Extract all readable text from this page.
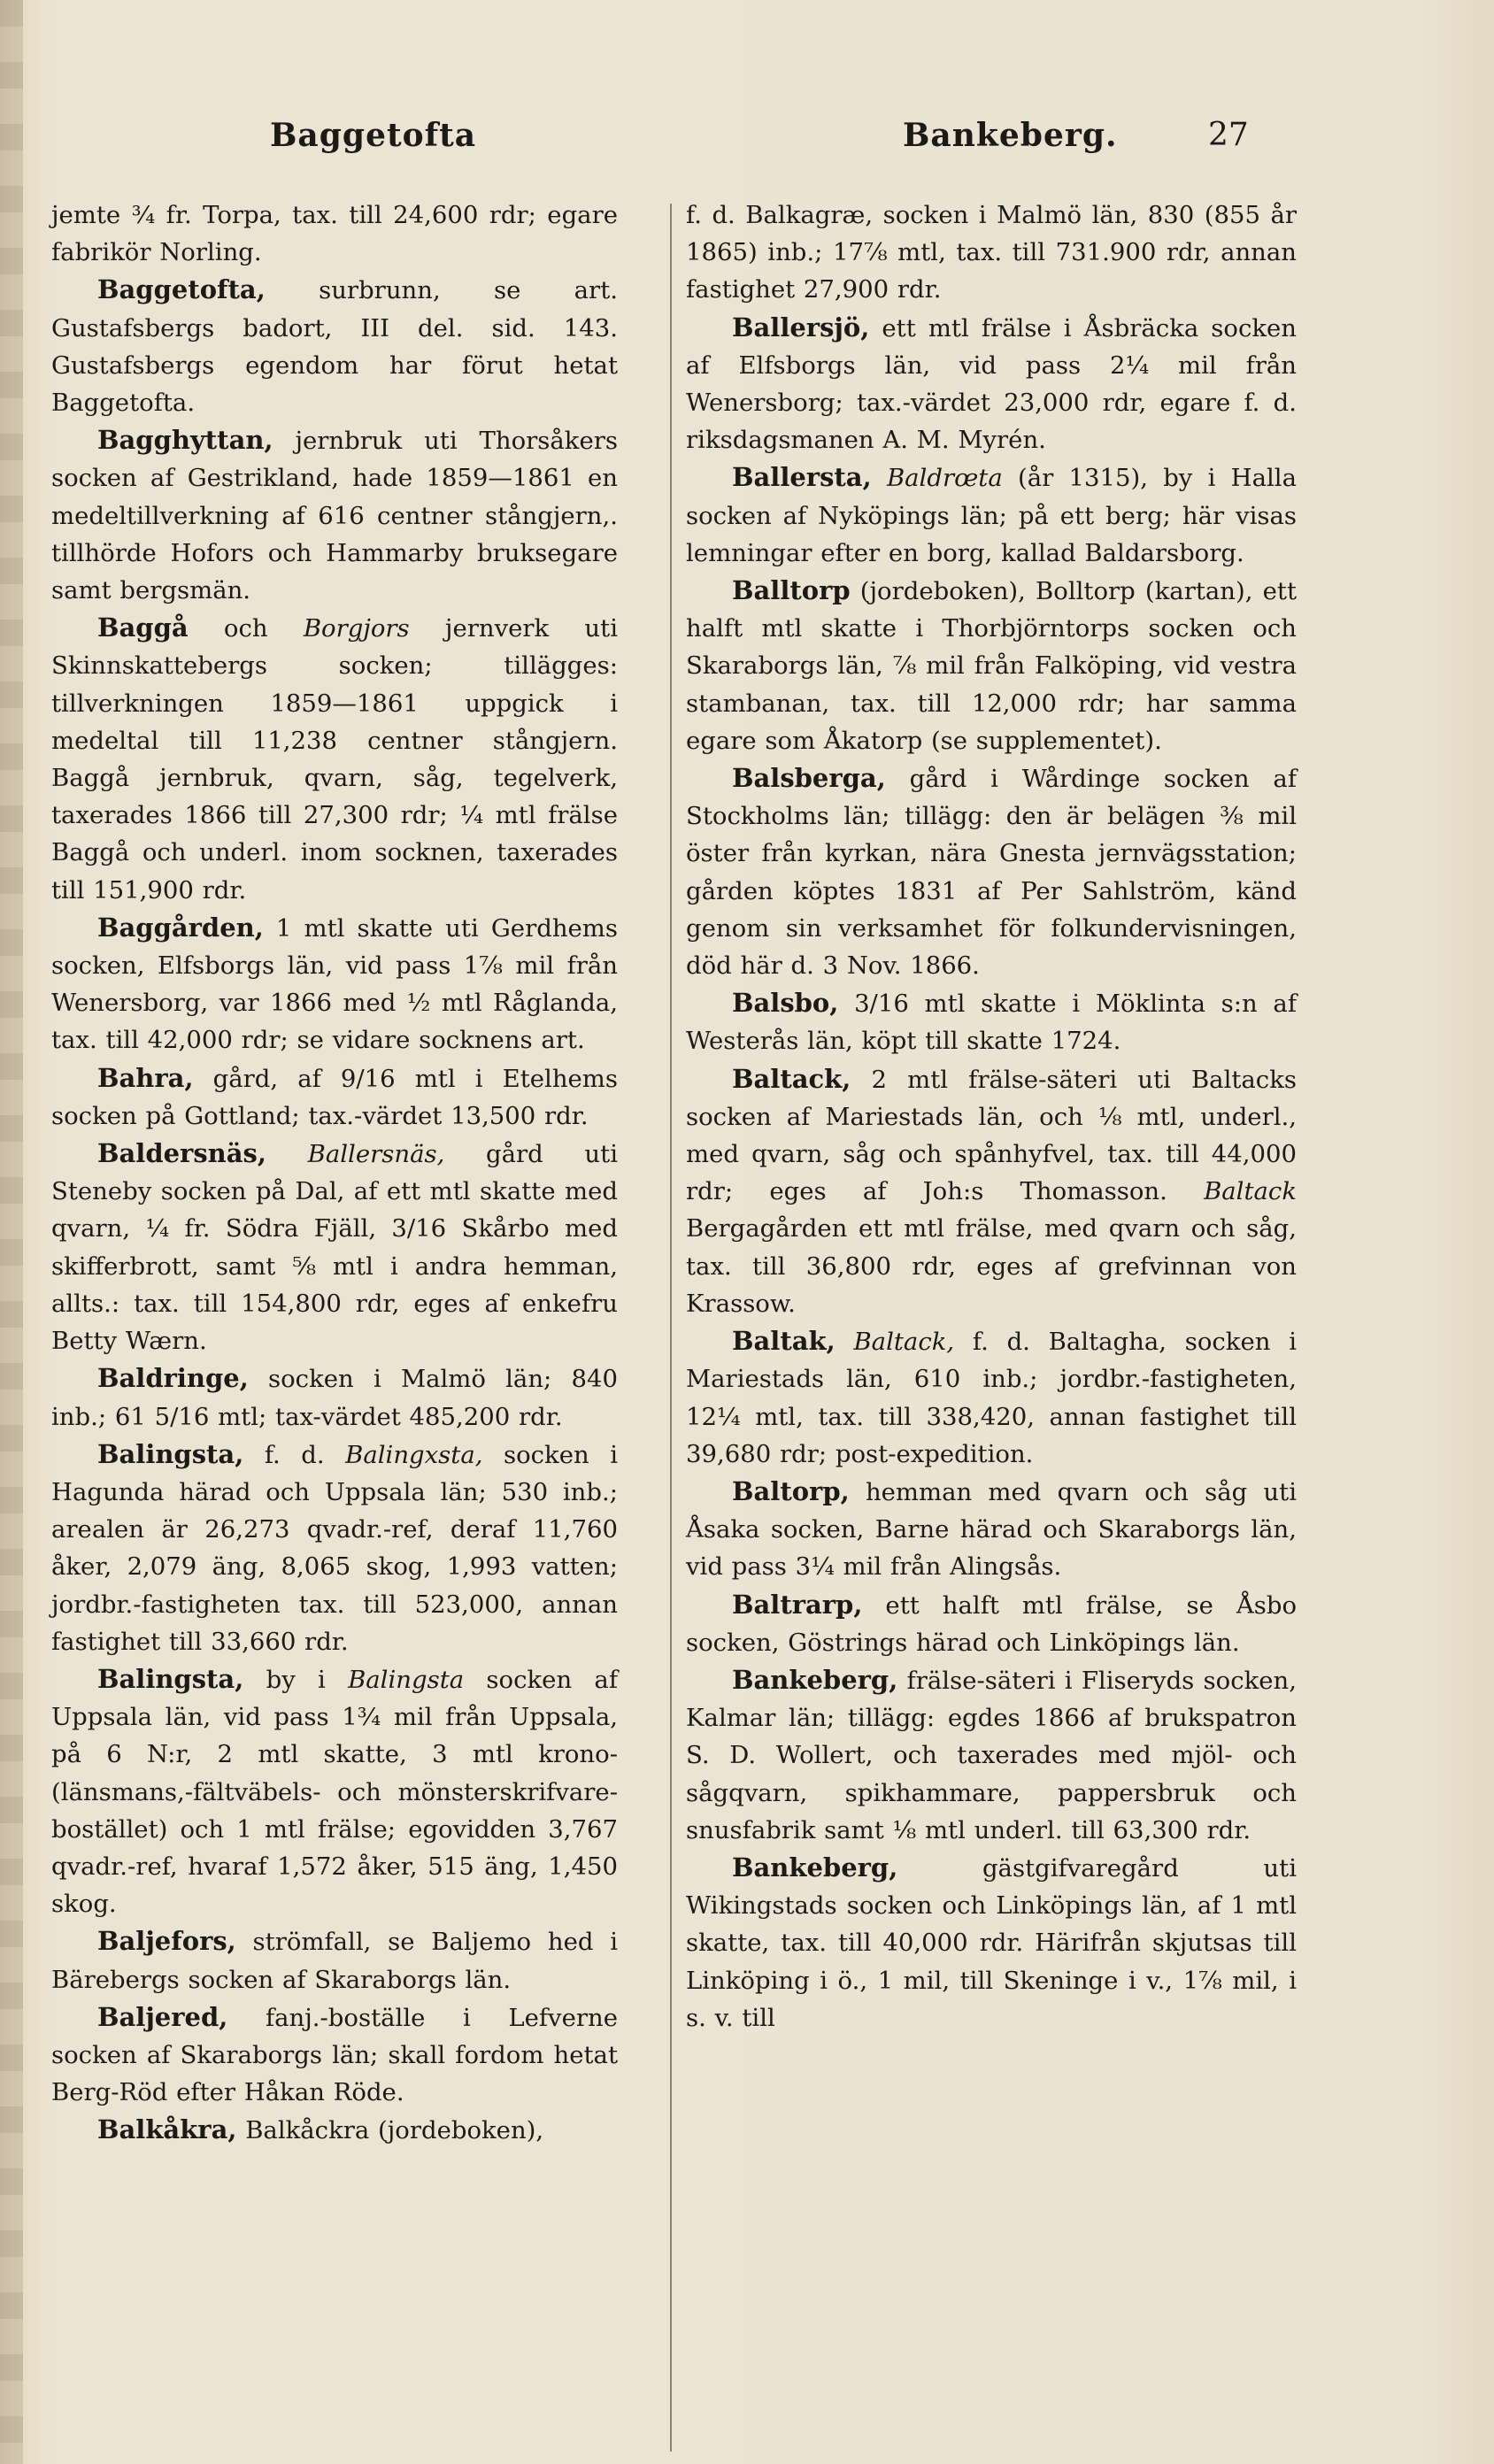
Baggetofta	Bankeberg.	27

jemte ¾ fr. Torpa, tax. till 24,600 rdr; egare fabrikör Norling.

Baggetofta, surbrunn, se art. Gustafsbergs badort, III del. sid. 143. Gustafsbergs egendom har förut hetat Baggetofta.

Bagghyttan, jernbruk uti Thorsåkers socken af Gestrikland, hade 1859—1861 en medeltillverkning af 616 centner stångjern,. tillhörde Hofors och Hammarby bruksegare samt bergsmän.

Baggå och Borgjors jernverk uti Skinnskattebergs socken; tillägges: tillverkningen 1859—1861 uppgick i medeltal till 11,238 centner stångjern. Baggå jernbruk, qvarn, såg, tegelverk, taxerades 1866 till 27,300 rdr; ¼ mtl frälse Baggå och underl. inom socknen, taxerades till 151,900 rdr.

Baggården, 1 mtl skatte uti Gerdhems socken, Elfsborgs län, vid pass 1⅞ mil från Wenersborg, var 1866 med ½ mtl Råglanda, tax. till 42,000 rdr; se vidare socknens art.

Bahra, gård, af 9/16 mtl i Etelhems socken på Gottland; tax.-värdet 13,500 rdr.

Baldersnäs, Ballersnäs, gård uti Steneby socken på Dal, af ett mtl skatte med qvarn, ¼ fr. Södra Fjäll, 3/16 Skårbo med skifferbrott, samt ⅝ mtl i andra hemman, allts.: tax. till 154,800 rdr, eges af enkefru Betty Wærn.

Baldringe, socken i Malmö län; 840 inb.; 61 5/16 mtl; tax-värdet 485,200 rdr.

Balingsta, f. d. Balingxsta, socken i Hagunda härad och Uppsala län; 530 inb.; arealen är 26,273 qvadr.-ref, deraf 11,760 åker, 2,079 äng, 8,065 skog, 1,993 vatten; jordbr.-fastigheten tax. till 523,000, annan fastighet till 33,660 rdr.

Balingsta, by i Balingsta socken af Uppsala län, vid pass 1¾ mil från Uppsala, på 6 N:r, 2 mtl skatte, 3 mtl krono- (länsmans,-fältväbels- och mönsterskrifvare-bostället) och 1 mtl frälse; egovidden 3,767 qvadr.-ref, hvaraf 1,572 åker, 515 äng, 1,450 skog.

Baljefors, strömfall, se Baljemo hed i Bärebergs socken af Skaraborgs län.

Baljered, fanj.-boställe i Lefverne socken af Skaraborgs län; skall fordom hetat Berg-Röd efter Håkan Röde.

Balkåkra, Balkåckra (jordeboken),

f. d. Balkagræ, socken i Malmö län, 830 (855 år 1865) inb.; 17⅞ mtl, tax. till 731.900 rdr, annan fastighet 27,900 rdr.

Ballersjö, ett mtl frälse i Åsbräcka socken af Elfsborgs län, vid pass 2¼ mil från Wenersborg; tax.-värdet 23,000 rdr, egare f. d. riksdagsmanen A. M. Myrén.

Ballersta, Baldrœta (år 1315), by i Halla socken af Nyköpings län; på ett berg; här visas lemningar efter en borg, kallad Baldarsborg.

Balltorp (jordeboken), Bolltorp (kartan), ett halft mtl skatte i Thorbjörntorps socken och Skaraborgs län, ⅞ mil från Falköping, vid vestra stambanan, tax. till 12,000 rdr; har samma egare som Åkatorp (se supplementet).

Balsberga, gård i Wårdinge socken af Stockholms län; tillägg: den är belägen ⅜ mil öster från kyrkan, nära Gnesta jernvägsstation; gården köptes 1831 af Per Sahlström, känd genom sin verksamhet för folkundervisningen, död här d. 3 Nov. 1866.

Balsbo, 3/16 mtl skatte i Möklinta s:n af Westerås län, köpt till skatte 1724.

Baltack, 2 mtl frälse-säteri uti Baltacks socken af Mariestads län, och ⅛ mtl, underl., med qvarn, såg och spånhyfvel, tax. till 44,000 rdr; eges af Joh:s Thomasson. Baltack Bergagården ett mtl frälse, med qvarn och såg, tax. till 36,800 rdr, eges af grefvinnan von Krassow.

Baltak, Baltack, f. d. Baltagha, socken i Mariestads län, 610 inb.; jordbr.-fastigheten, 12¼ mtl, tax. till 338,420, annan fastighet till 39,680 rdr; post-expedition.

Baltorp, hemman med qvarn och såg uti Åsaka socken, Barne härad och Skaraborgs län, vid pass 3¼ mil från Alingsås.

Baltrarp, ett halft mtl frälse, se Åsbo socken, Göstrings härad och Linköpings län.

Bankeberg, frälse-säteri i Fliseryds socken, Kalmar län; tillägg: egdes 1866 af brukspatron S. D. Wollert, och taxerades med mjöl- och sågqvarn, spikhammare, pappersbruk och snusfabrik samt ⅛ mtl underl. till 63,300 rdr.

Bankeberg, gästgifvaregård uti Wikingstads socken och Linköpings län, af 1 mtl skatte, tax. till 40,000 rdr. Härifrån skjutsas till Linköping i ö., 1 mil, till Skeninge i v., 1⅞ mil, i s. v. till
